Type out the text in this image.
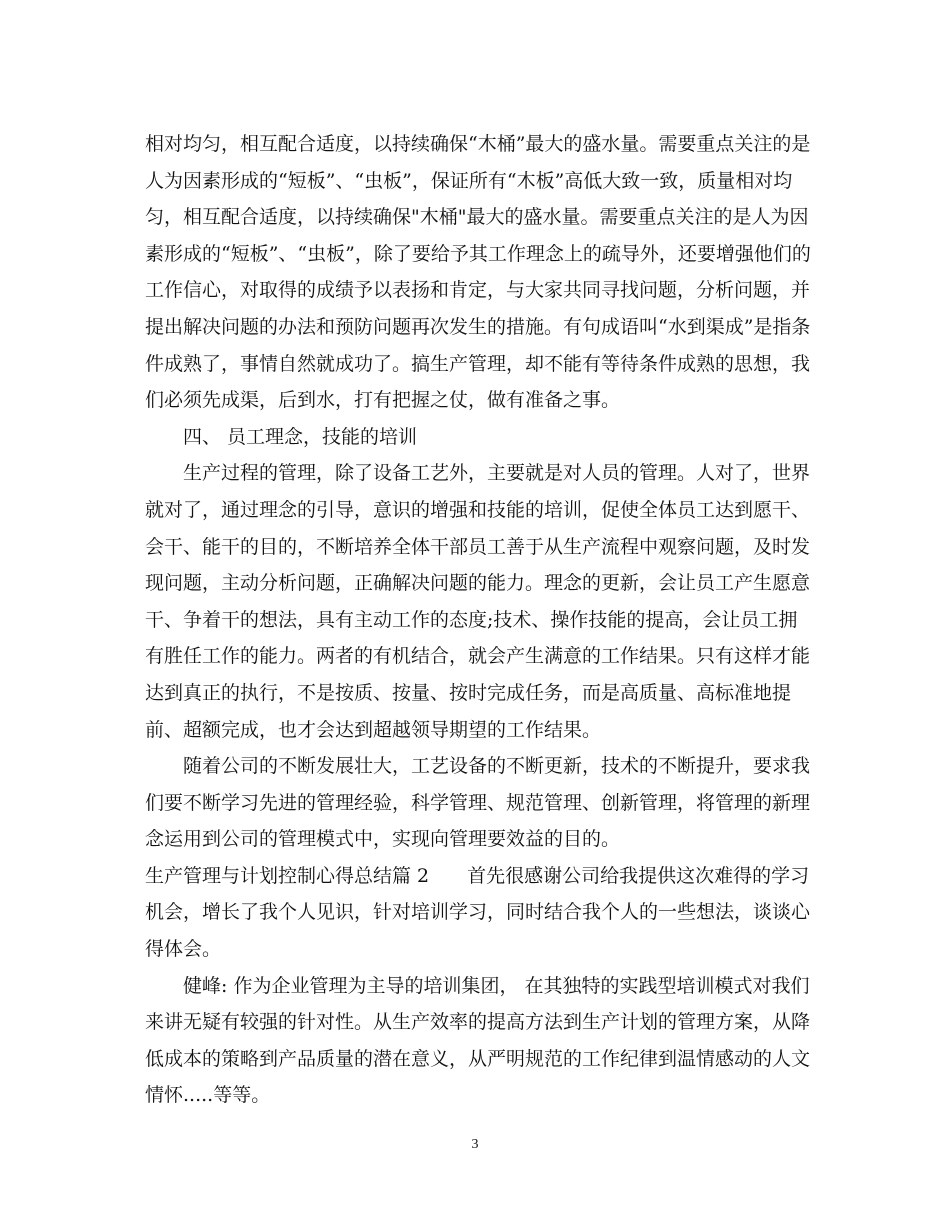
相对均匀，相互配合适度，以持续确保“木桶”最大的盛水量。需要重点关注的是
人为因素形成的“短板”、“虫板”，保证所有“木板”高低大致一致，质量相对均
匀，相互配合适度，以持续确保"木桶"最大的盛水量。需要重点关注的是人为因
素形成的“短板”、“虫板”，除了要给予其工作理念上的疏导外，还要增强他们的
工作信心，对取得的成绩予以表扬和肯定，与大家共同寻找问题，分析问题，并
提出解决问题的办法和预防问题再次发生的措施。有句成语叫“水到渠成”是指条
件成熟了，事情自然就成功了。搞生产管理，却不能有等待条件成熟的思想，我
们必须先成渠，后到水，打有把握之仗，做有准备之事。
四、 员工理念，技能的培训
生产过程的管理，除了设备工艺外，主要就是对人员的管理。人对了，世界
就对了，通过理念的引导，意识的增强和技能的培训，促使全体员工达到愿干、
会干、能干的目的，不断培养全体干部员工善于从生产流程中观察问题，及时发
现问题，主动分析问题，正确解决问题的能力。理念的更新，会让员工产生愿意
干、争着干的想法，具有主动工作的态度;技术、操作技能的提高，会让员工拥
有胜任工作的能力。两者的有机结合，就会产生满意的工作结果。只有这样才能
达到真正的执行，不是按质、按量、按时完成任务，而是高质量、高标准地提
前、超额完成，也才会达到超越领导期望的工作结果。
随着公司的不断发展壮大，工艺设备的不断更新，技术的不断提升，要求我
们要不断学习先进的管理经验，科学管理、规范管理、创新管理，将管理的新理
念运用到公司的管理模式中，实现向管理要效益的目的。
生产管理与计划控制心得总结篇 2　　首先很感谢公司给我提供这次难得的学习
机会，增长了我个人见识，针对培训学习，同时结合我个人的一些想法，谈谈心
得体会。
健峰: 作为企业管理为主导的培训集团， 在其独特的实践型培训模式对我们
来讲无疑有较强的针对性。从生产效率的提高方法到生产计划的管理方案，从降
低成本的策略到产品质量的潜在意义，从严明规范的工作纪律到温情感动的人文
情怀.....等等。
3
